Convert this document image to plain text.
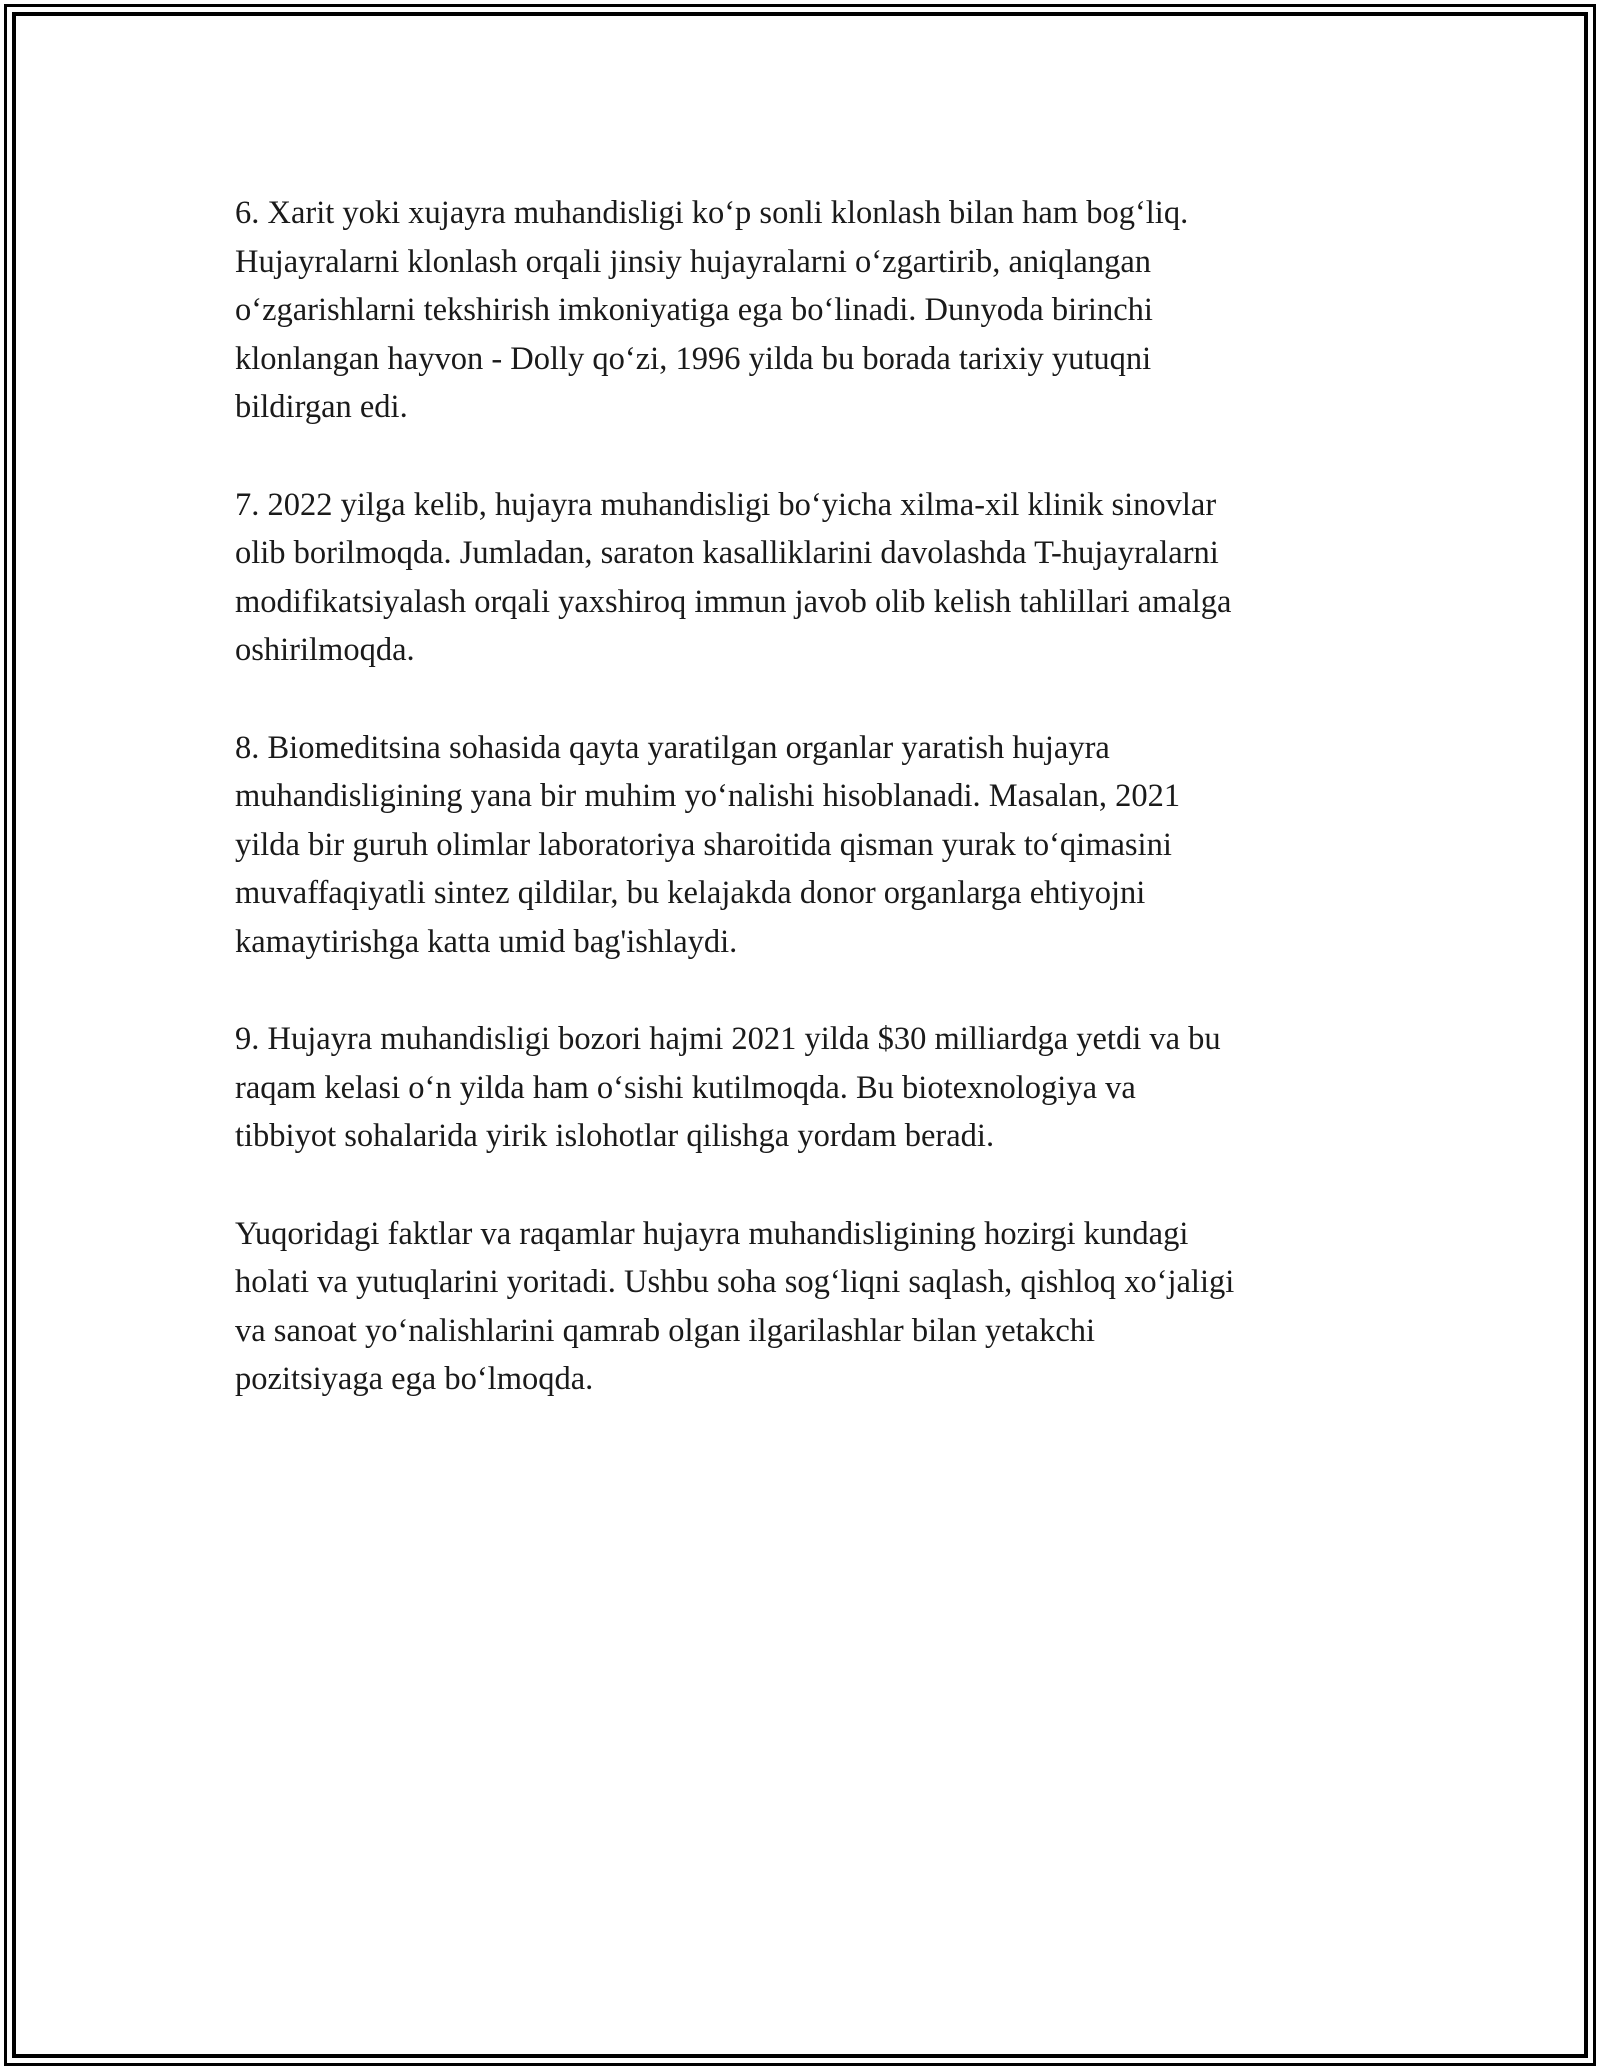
6. Xarit yoki xujayra muhandisligi ko‘p sonli klonlash bilan ham bog‘liq.
Hujayralarni klonlash orqali jinsiy hujayralarni o‘zgartirib, aniqlangan
o‘zgarishlarni tekshirish imkoniyatiga ega bo‘linadi. Dunyoda birinchi
klonlangan hayvon - Dolly qo‘zi, 1996 yilda bu borada tarixiy yutuqni
bildirgan edi.

7. 2022 yilga kelib, hujayra muhandisligi bo‘yicha xilma-xil klinik sinovlar
olib borilmoqda. Jumladan, saraton kasalliklarini davolashda T-hujayralarni
modifikatsiyalash orqali yaxshiroq immun javob olib kelish tahlillari amalga
oshirilmoqda.

8. Biomeditsina sohasida qayta yaratilgan organlar yaratish hujayra
muhandisligining yana bir muhim yo‘nalishi hisoblanadi. Masalan, 2021
yilda bir guruh olimlar laboratoriya sharoitida qisman yurak to‘qimasini
muvaffaqiyatli sintez qildilar, bu kelajakda donor organlarga ehtiyojni
kamaytirishga katta umid bag'ishlaydi.

9. Hujayra muhandisligi bozori hajmi 2021 yilda $30 milliardga yetdi va bu
raqam kelasi o‘n yilda ham o‘sishi kutilmoqda. Bu biotexnologiya va
tibbiyot sohalarida yirik islohotlar qilishga yordam beradi.

Yuqoridagi faktlar va raqamlar hujayra muhandisligining hozirgi kundagi
holati va yutuqlarini yoritadi. Ushbu soha sog‘liqni saqlash, qishloq xo‘jaligi
va sanoat yo‘nalishlarini qamrab olgan ilgarilashlar bilan yetakchi
pozitsiyaga ega bo‘lmoqda.
